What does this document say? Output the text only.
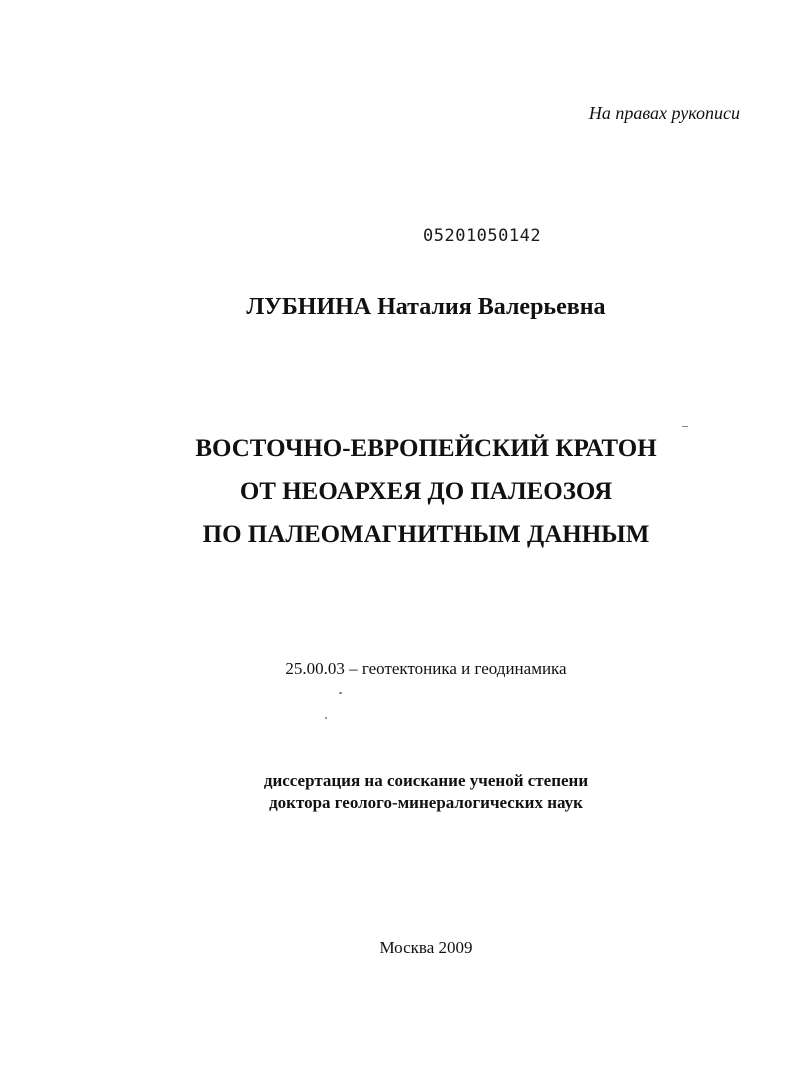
На правах рукописи
05201050142
ЛУБНИНА Наталия Валерьевна
ВОСТОЧНО-ЕВРОПЕЙСКИЙ КРАТОН
ОТ НЕОАРХЕЯ ДО ПАЛЕОЗОЯ
ПО ПАЛЕОМАГНИТНЫМ ДАННЫМ
25.00.03 – геотектоника и геодинамика
диссертация на соискание ученой степени
доктора геолого-минералогических наук
Москва 2009
